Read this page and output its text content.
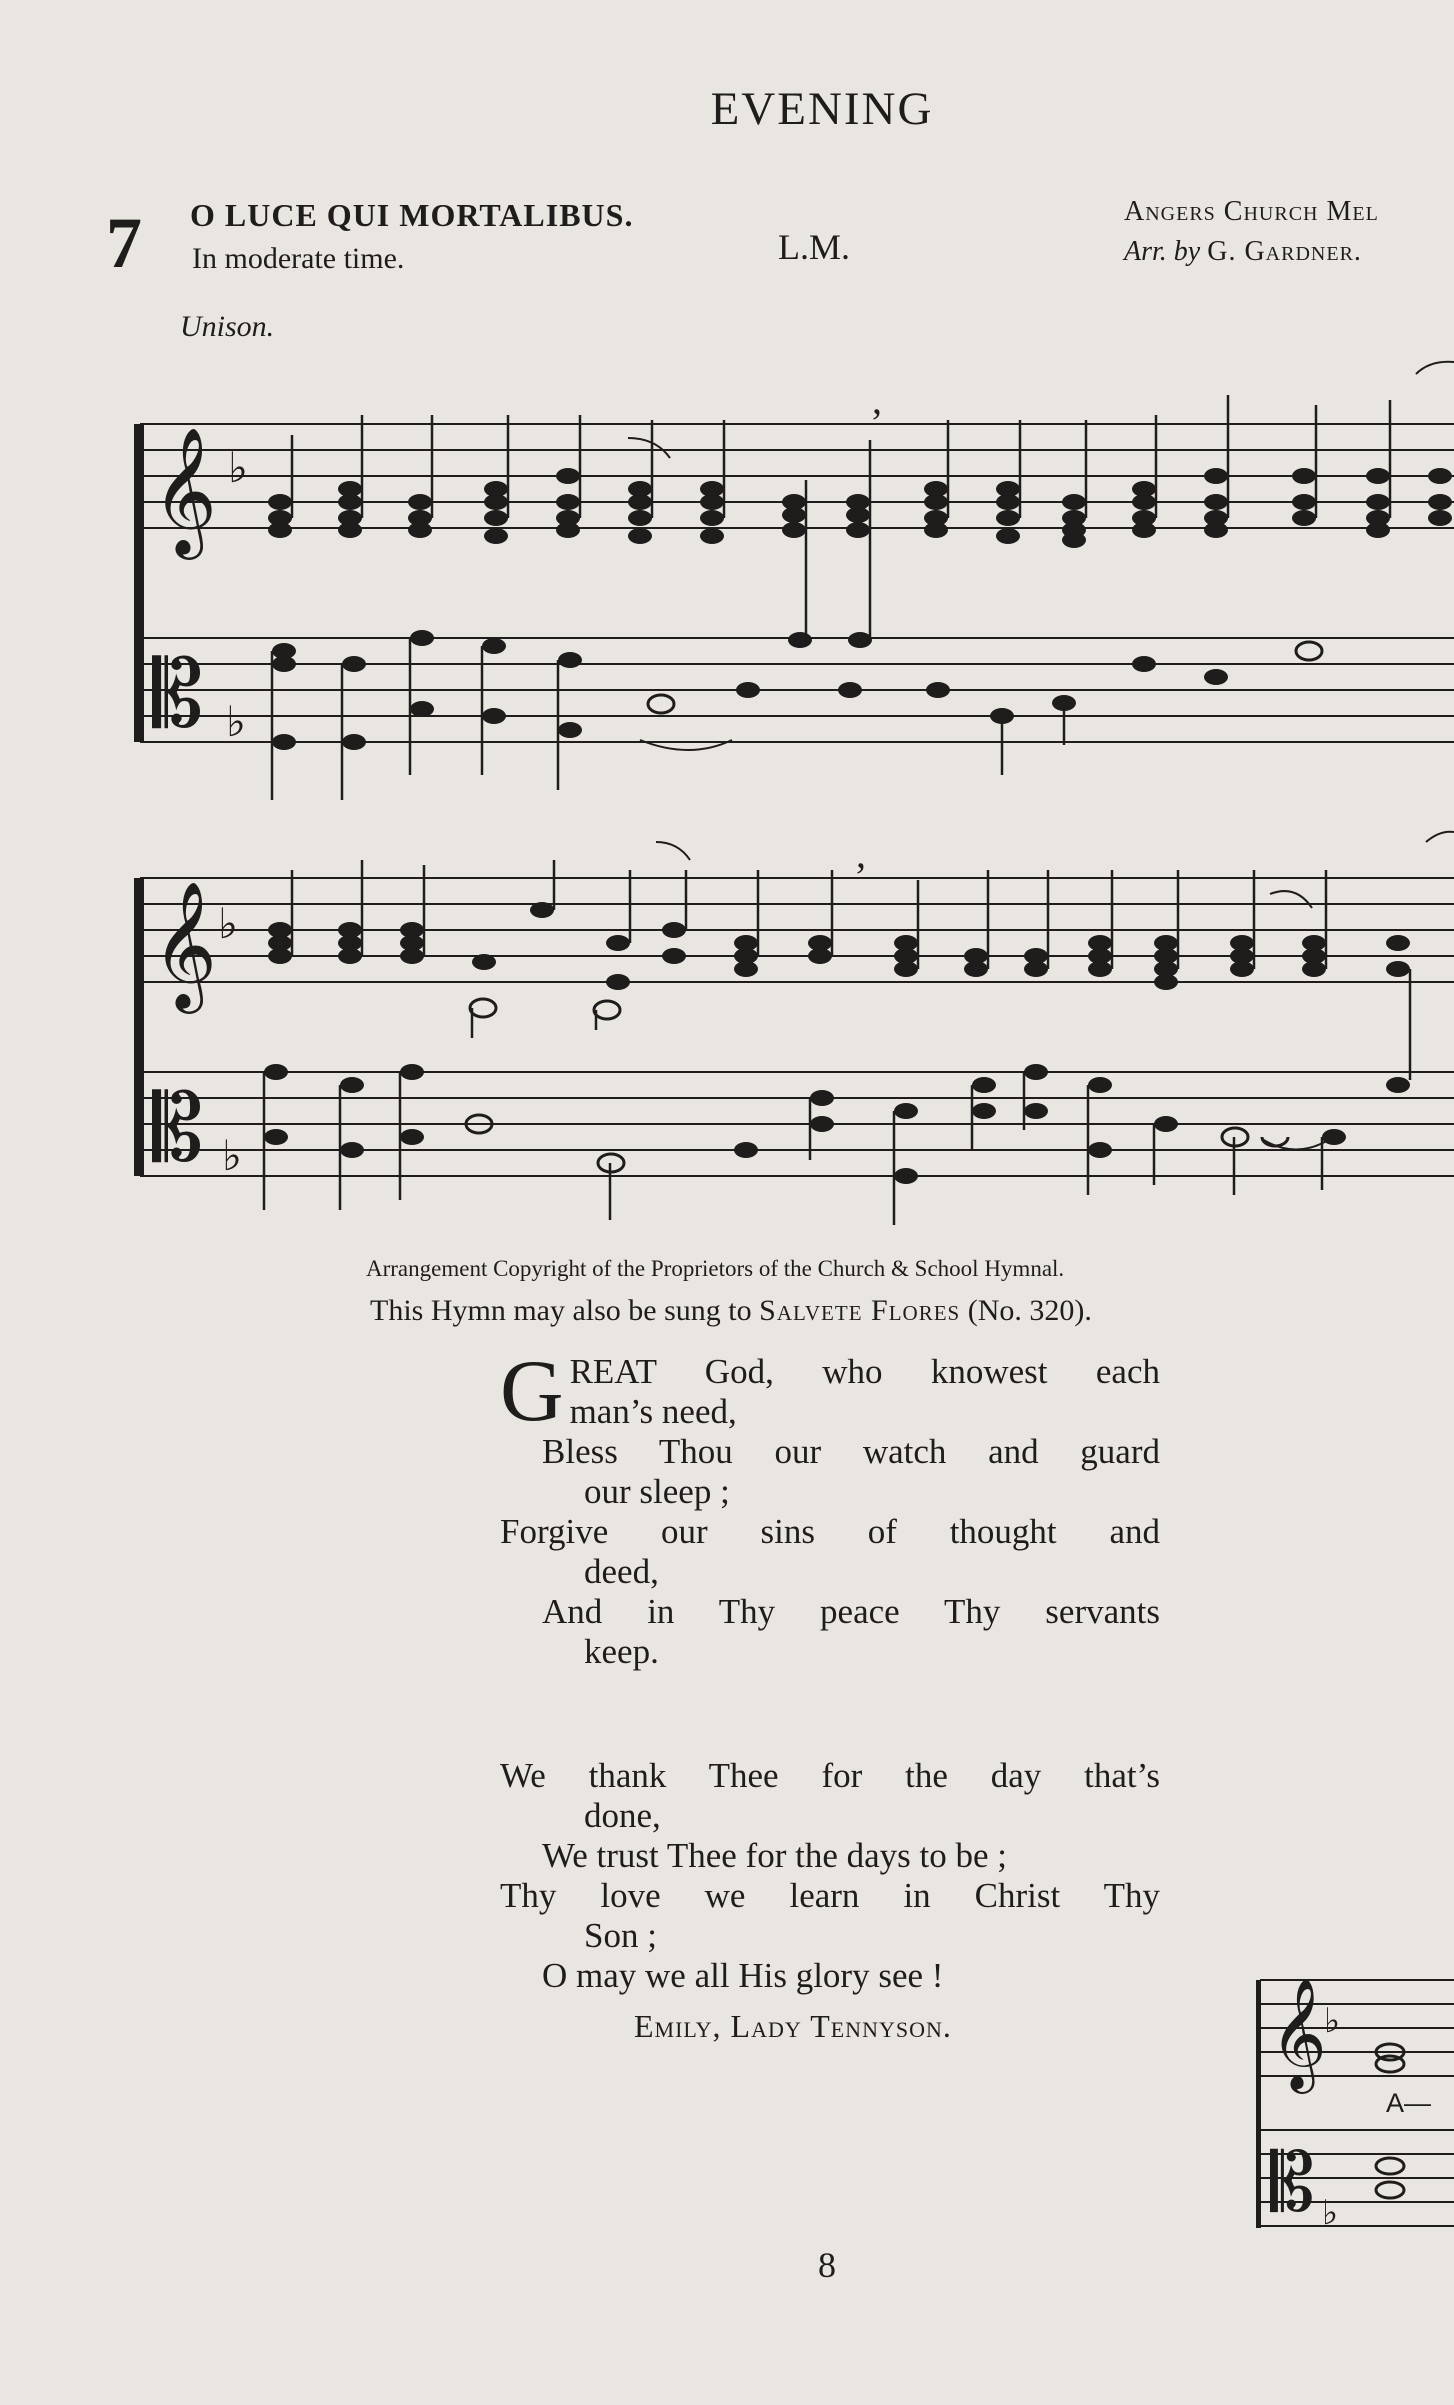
EVENING
7 O LUCE QUI MORTALIBUS.
In moderate time.	L.M.
Angers Church Mel
Arr. by G. Gardner.
Unison.
𝄞 ♭
𝄡 ♭
’
𝄞 ♭
𝄡 ♭
’
𝄞
♭
𝄡 ♭
Arrangement Copyright of the Proprietors of the Church & School Hymnal.
This Hymn may also be sung to Salvete Flores (No. 320).
G REAT God, who knowest each
man’s need,
Bless Thou our watch and guard
our sleep ;
Forgive our sins of thought and
deed,
And in Thy peace Thy servants
keep.
We thank Thee for the day that’s
done,
We trust Thee for the days to be ;
Thy love we learn in Christ Thy
Son ;
O may we all His glory see !
Emily, Lady Tennyson.
A—
8
